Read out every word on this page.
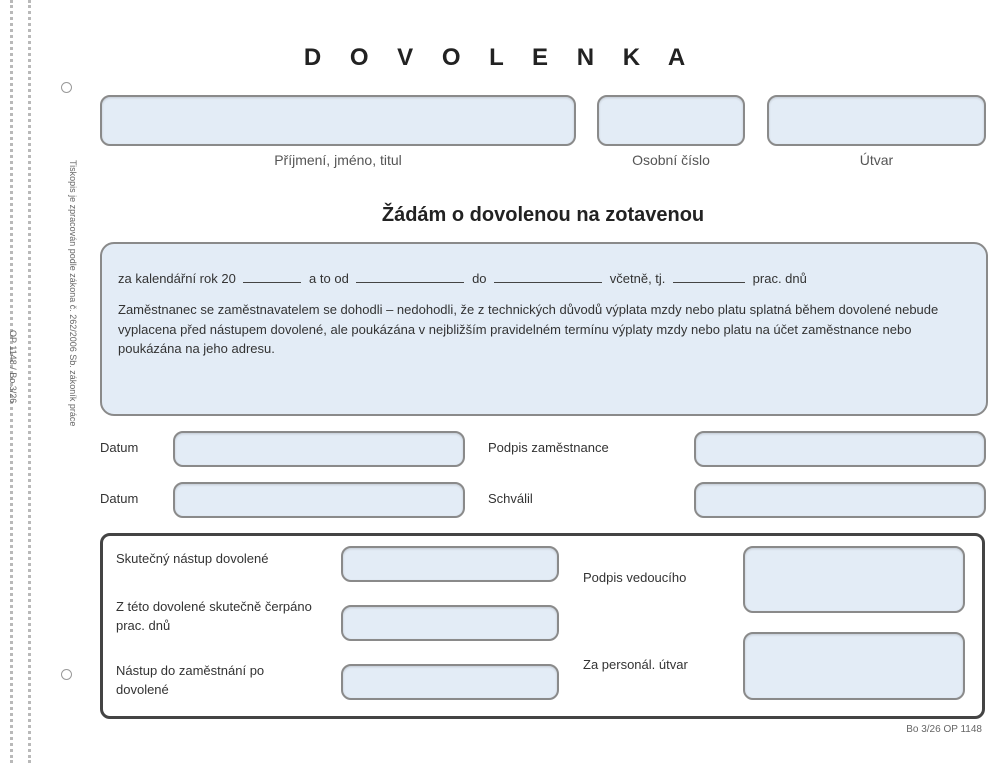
Tiskopis je zpracován podle zákona č. 262/2006 Sb. zákoník práce
OP 1148 / Bo 3/26
D O V O L E N K A
Příjmení, jméno, titul	Osobní číslo	Útvar
Žádám o dovolenou na zotavenou
za kalendářní rok 20	a to od	do	včetně, tj.	prac. dnů
Zaměstnanec se zaměstnavatelem se dohodli – nedohodli, že z technických důvodů výplata mzdy nebo platu splatná během dovolené nebude vyplacena před nástupem dovolené, ale poukázána v nejbližším pravidelném termínu výplaty mzdy nebo platu na účet zaměstnance nebo poukázána na jeho adresu.
Datum	Podpis zaměstnance
Datum	Schválil
Skutečný nástup dovolené
Z této dovolené skutečně čerpáno prac. dnů
Nástup do zaměstnání po dovolené
Podpis vedoucího
Za personál. útvar
Bo 3/26 OP 1148
